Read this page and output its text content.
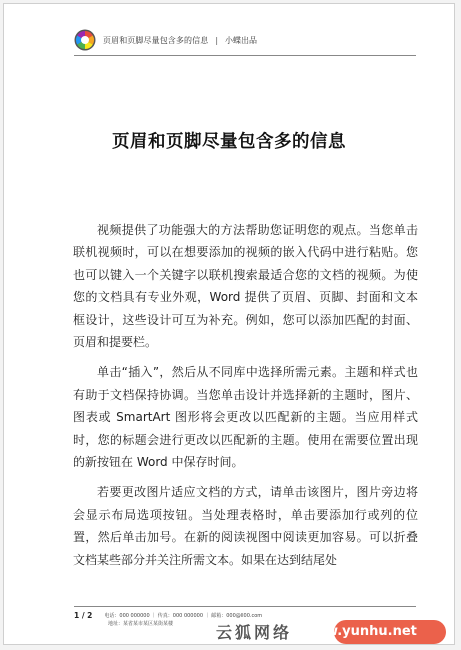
页眉和页脚尽量包含多的信息 | 小蝶出品
页眉和页脚尽量包含多的信息

视频提供了功能强大的方法帮助您证明您的观点。当您单击联机视频时，可以在想要添加的视频的嵌入代码中进行粘贴。您也可以键入一个关键字以联机搜索最适合您的文档的视频。为使您的文档具有专业外观，Word 提供了页眉、页脚、封面和文本框设计，这些设计可互为补充。例如，您可以添加匹配的封面、页眉和提要栏。

单击“插入”，然后从不同库中选择所需元素。主题和样式也有助于文档保持协调。当您单击设计并选择新的主题时，图片、图表或 SmartArt 图形将会更改以匹配新的主题。当应用样式时，您的标题会进行更改以匹配新的主题。使用在需要位置出现的新按钮在 Word 中保存时间。

若要更改图片适应文档的方式，请单击该图片，图片旁边将会显示布局选项按钮。当处理表格时，单击要添加行或列的位置，然后单击加号。在新的阅读视图中阅读更加容易。可以折叠文档某些部分并关注所需文本。如果在达到结尾处

1 / 2 电话：000 000000 ｜ 传真：000 000000 ｜ 邮箱：000@ll00.com
地址：某省某市某区某街某楼	云狐网络 www.yunhu.net
